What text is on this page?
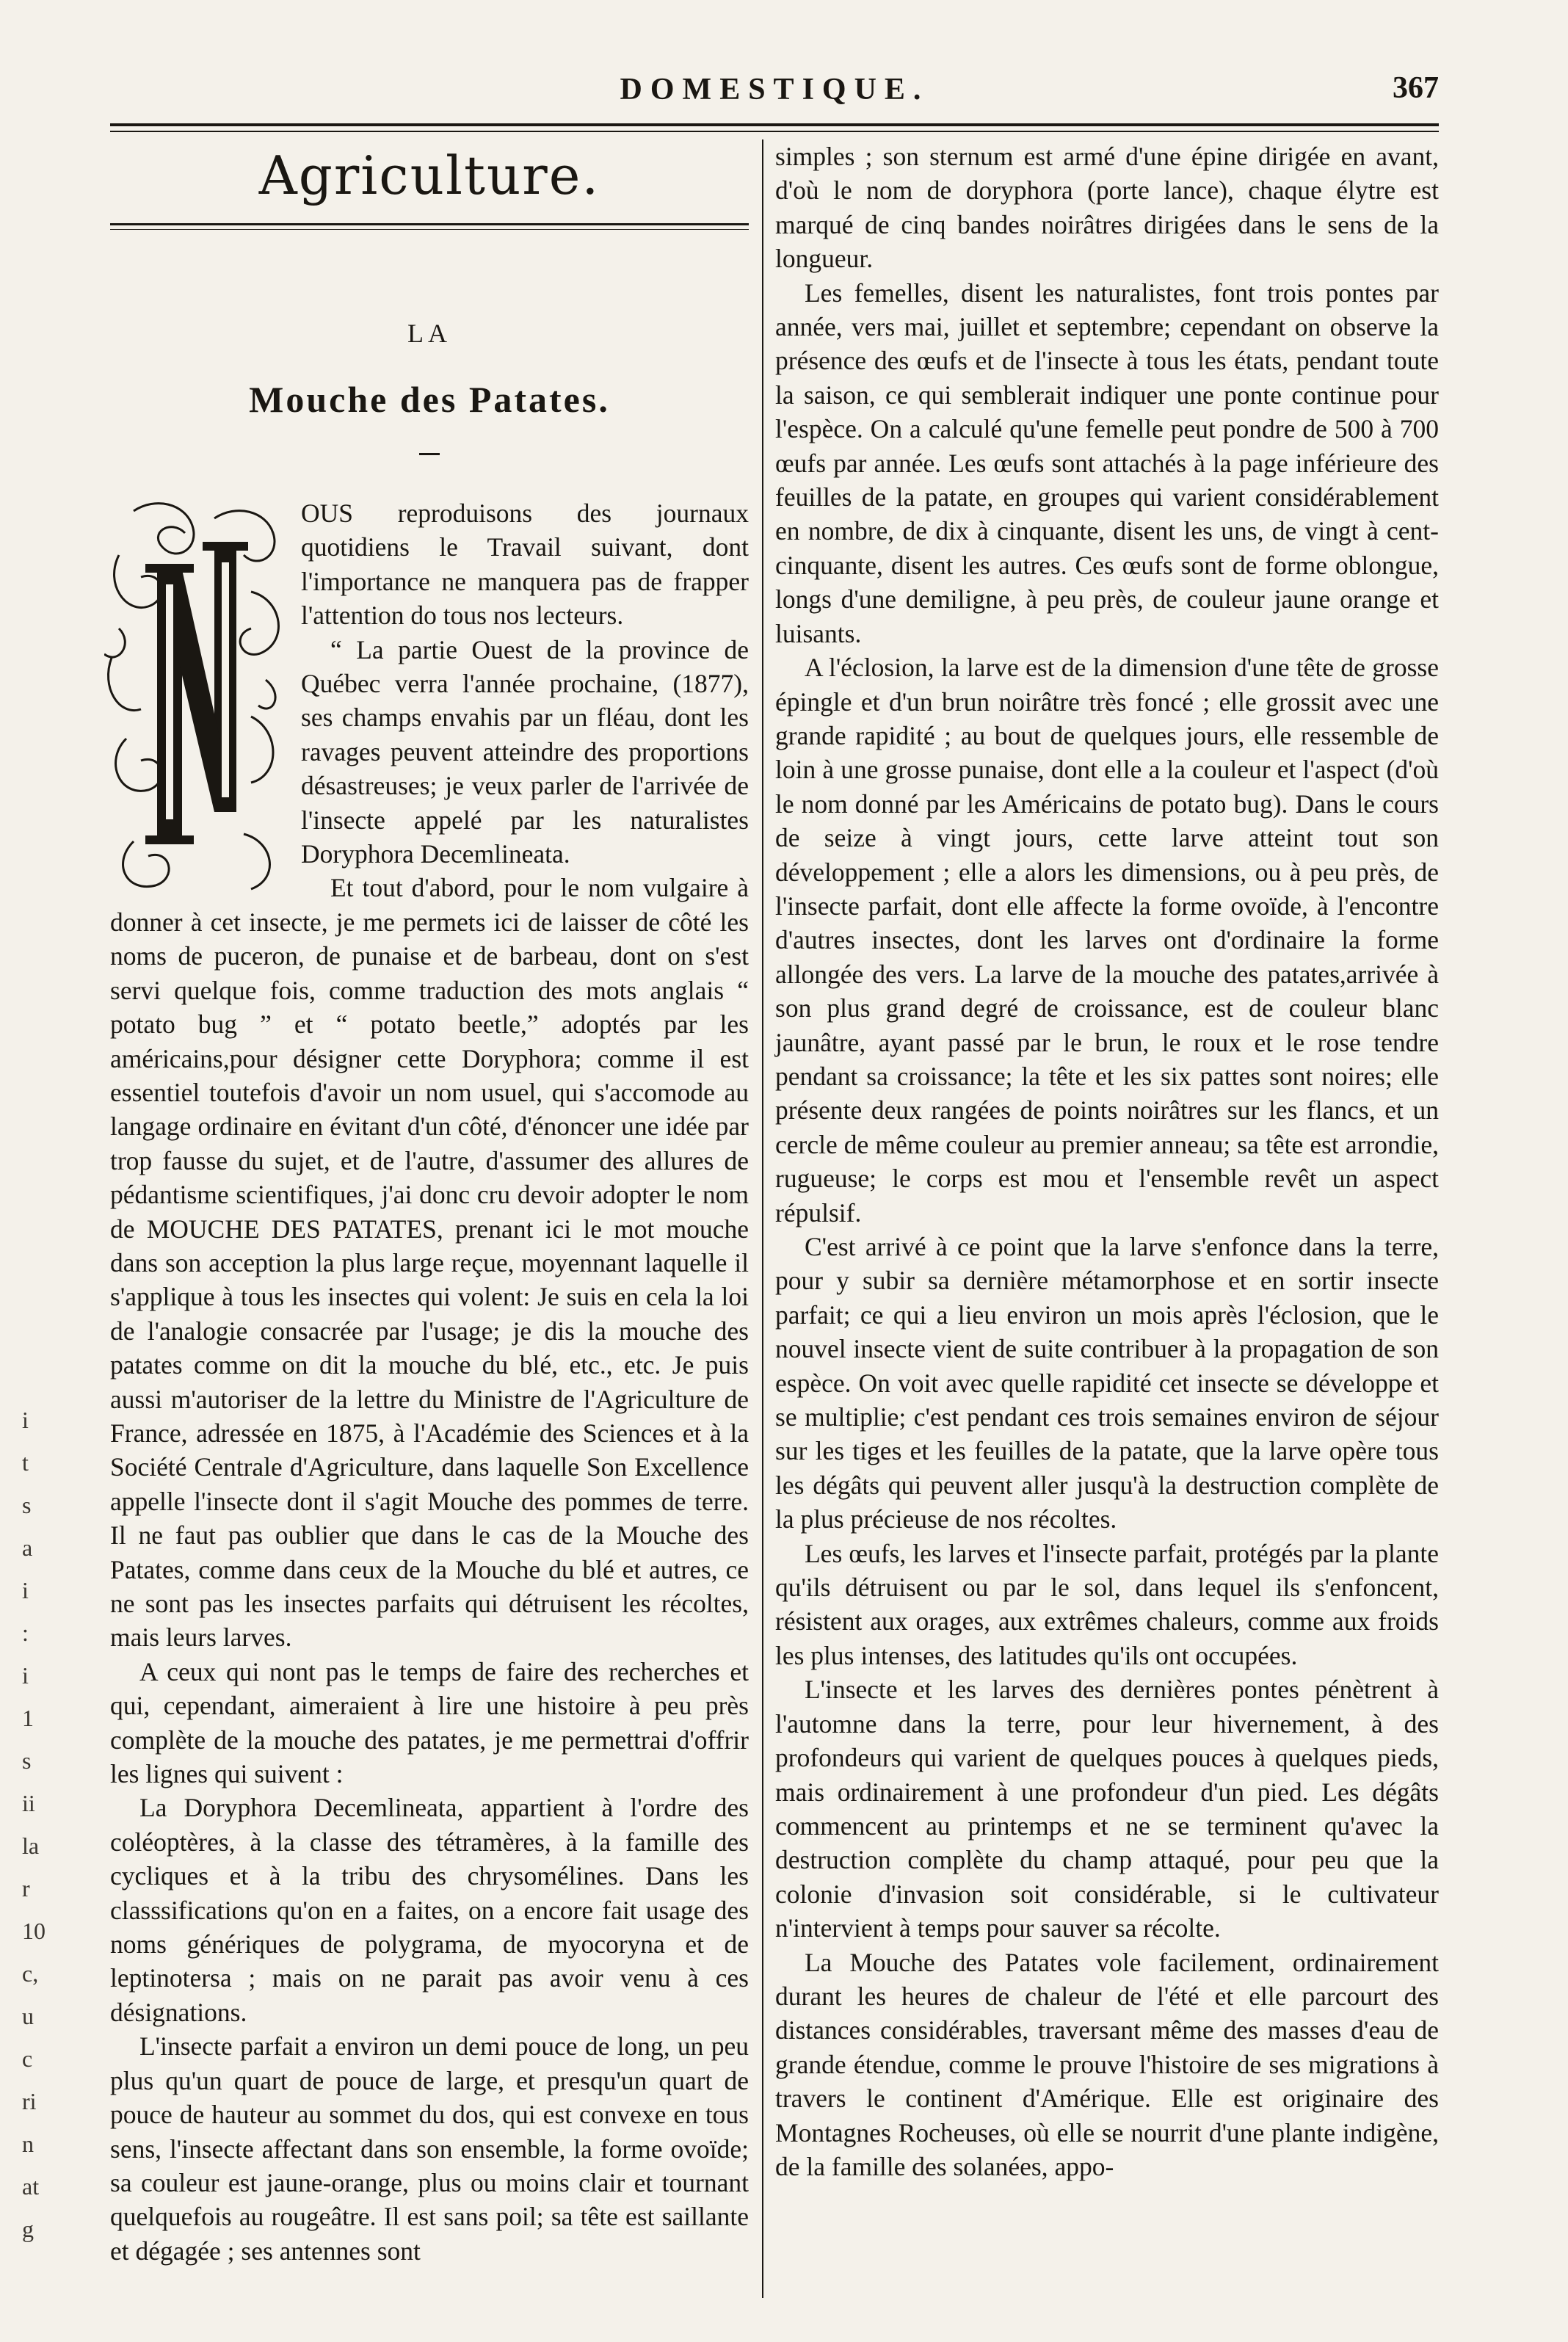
DOMESTIQUE.	367
Agriculture.
LA
Mouche des Patates.

OUS reproduisons des journaux quotidiens le Travail suivant, dont l'importance ne manquera pas de frapper l'attention do tous nos lecteurs.

“ La partie Ouest de la province de Québec verra l'année prochaine, (1877), ses champs envahis par un fléau, dont les ravages peuvent atteindre des proportions désastreuses; je veux parler de l'arrivée de l'insecte appelé par les naturalistes Doryphora Decemlineata.

Et tout d'abord, pour le nom vulgaire à donner à cet insecte, je me permets ici de laisser de côté les noms de puceron, de punaise et de barbeau, dont on s'est servi quelque fois, comme traduction des mots anglais “ potato bug ” et “ potato beetle,” adoptés par les américains,pour désigner cette Doryphora; comme il est essentiel toutefois d'avoir un nom usuel, qui s'accomode au langage ordinaire en évitant d'un côté, d'énoncer une idée par trop fausse du sujet, et de l'autre, d'assumer des allures de pédantisme scientifiques, j'ai donc cru devoir adopter le nom de MOUCHE DES PATATES, prenant ici le mot mouche dans son acception la plus large reçue, moyennant laquelle il s'applique à tous les insectes qui volent: Je suis en cela la loi de l'analogie consacrée par l'usage; je dis la mouche des patates comme on dit la mouche du blé, etc., etc. Je puis aussi m'autoriser de la lettre du Ministre de l'Agriculture de France, adressée en 1875, à l'Académie des Sciences et à la Société Centrale d'Agriculture, dans laquelle Son Excellence appelle l'insecte dont il s'agit Mouche des pommes de terre. Il ne faut pas oublier que dans le cas de la Mouche des Patates, comme dans ceux de la Mouche du blé et autres, ce ne sont pas les insectes parfaits qui détruisent les récoltes, mais leurs larves.

A ceux qui nont pas le temps de faire des recherches et qui, cependant, aimeraient à lire une histoire à peu près complète de la mouche des patates, je me permettrai d'offrir les lignes qui suivent :

La Doryphora Decemlineata, appartient à l'ordre des coléoptères, à la classe des tétramères, à la famille des cycliques et à la tribu des chrysomélines. Dans les classsifications qu'on en a faites, on a encore fait usage des noms génériques de polygrama, de myocoryna et de leptinotersa ; mais on ne parait pas avoir venu à ces désignations.

L'insecte parfait a environ un demi pouce de long, un peu plus qu'un quart de pouce de large, et presqu'un quart de pouce de hauteur au sommet du dos, qui est convexe en tous sens, l'insecte affectant dans son ensemble, la forme ovoïde; sa couleur est jaune-orange, plus ou moins clair et tournant quelquefois au rougeâtre. Il est sans poil; sa tête est saillante et dégagée ; ses antennes sont

simples ; son sternum est armé d'une épine dirigée en avant, d'où le nom de doryphora (porte lance), chaque élytre est marqué de cinq bandes noirâtres dirigées dans le sens de la longueur.

Les femelles, disent les naturalistes, font trois pontes par année, vers mai, juillet et septembre; cependant on observe la présence des œufs et de l'insecte à tous les états, pendant toute la saison, ce qui semblerait indiquer une ponte continue pour l'espèce. On a calculé qu'une femelle peut pondre de 500 à 700 œufs par année. Les œufs sont attachés à la page inférieure des feuilles de la patate, en groupes qui varient considérablement en nombre, de dix à cinquante, disent les uns, de vingt à cent-cinquante, disent les autres. Ces œufs sont de forme oblongue, longs d'une demiligne, à peu près, de couleur jaune orange et luisants.

A l'éclosion, la larve est de la dimension d'une tête de grosse épingle et d'un brun noirâtre très foncé ; elle grossit avec une grande rapidité ; au bout de quelques jours, elle ressemble de loin à une grosse punaise, dont elle a la couleur et l'aspect (d'où le nom donné par les Américains de potato bug). Dans le cours de seize à vingt jours, cette larve atteint tout son développement ; elle a alors les dimensions, ou à peu près, de l'insecte parfait, dont elle affecte la forme ovoïde, à l'encontre d'autres insectes, dont les larves ont d'ordinaire la forme allongée des vers. La larve de la mouche des patates,arrivée à son plus grand degré de croissance, est de couleur blanc jaunâtre, ayant passé par le brun, le roux et le rose tendre pendant sa croissance; la tête et les six pattes sont noires; elle présente deux rangées de points noirâtres sur les flancs, et un cercle de même couleur au premier anneau; sa tête est arrondie, rugueuse; le corps est mou et l'ensemble revêt un aspect répulsif.

C'est arrivé à ce point que la larve s'enfonce dans la terre, pour y subir sa dernière métamorphose et en sortir insecte parfait; ce qui a lieu environ un mois après l'éclosion, que le nouvel insecte vient de suite contribuer à la propagation de son espèce. On voit avec quelle rapidité cet insecte se développe et se multiplie; c'est pendant ces trois semaines environ de séjour sur les tiges et les feuilles de la patate, que la larve opère tous les dégâts qui peuvent aller jusqu'à la destruction complète de la plus précieuse de nos récoltes.

Les œufs, les larves et l'insecte parfait, protégés par la plante qu'ils détruisent ou par le sol, dans lequel ils s'enfoncent, résistent aux orages, aux extrêmes chaleurs, comme aux froids les plus intenses, des latitudes qu'ils ont occupées.

L'insecte et les larves des dernières pontes pénètrent à l'automne dans la terre, pour leur hivernement, à des profondeurs qui varient de quelques pouces à quelques pieds, mais ordinairement à une profondeur d'un pied. Les dégâts commencent au printemps et ne se terminent qu'avec la destruction complète du champ attaqué, pour peu que la colonie d'invasion soit considérable, si le cultivateur n'intervient à temps pour sauver sa récolte.

La Mouche des Patates vole facilement, ordinairement durant les heures de chaleur de l'été et elle parcourt des distances considérables, traversant même des masses d'eau de grande étendue, comme le prouve l'histoire de ses migrations à travers le continent d'Amérique. Elle est originaire des Montagnes Rocheuses, où elle se nourrit d'une plante indigène, de la famille des solanées, appo-

i
t
s
a
i
:
i
1
s
ii
la
r
10
c,
u
c
ri
n
at
g
